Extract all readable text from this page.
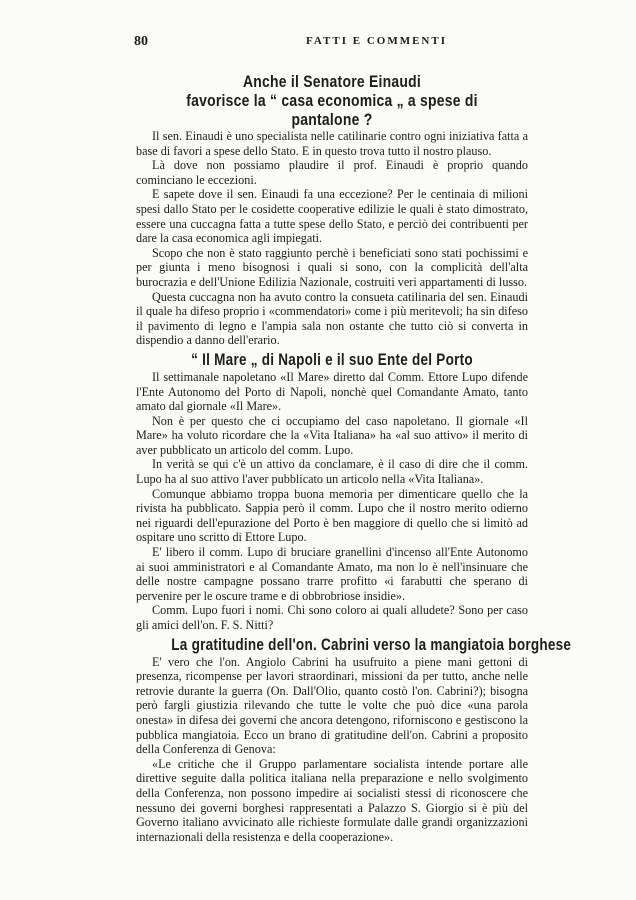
80	FATTI E COMMENTI
Anche il Senatore Einaudi
favorisce la “ casa economica „ a spese di pantalone ?

Il sen. Einaudi è uno specialista nelle catilinarie contro ogni iniziativa fatta a base di favori a spese dello Stato. E in questo trova tutto il nostro plauso.

Là dove non possiamo plaudire il prof. Einaudi è proprio quando cominciano le eccezioni.

E sapete dove il sen. Einaudi fa una eccezione? Per le centinaia di milioni spesi dallo Stato per le cosidette cooperative edilizie le quali è stato dimostrato, essere una cuccagna fatta a tutte spese dello Stato, e perciò dei contribuenti per dare la casa economica agli impiegati.

Scopo che non è stato raggiunto perchè i beneficiati sono stati pochissimi e per giunta i meno bisognosi i quali si sono, con la complicità dell'alta burocrazia e dell'Unione Edilizia Nazionale, costruiti veri appartamenti di lusso.

Questa cuccagna non ha avuto contro la consueta catilinaria del sen. Einaudi il quale ha difeso proprio i «commendatori» come i più meritevoli; ha sin difeso il pavimento di legno e l'ampia sala non ostante che tutto ciò si converta in dispendio a danno dell'erario.

“ Il Mare „ di Napoli e il suo Ente del Porto

Il settimanale napoletano «Il Mare» diretto dal Comm. Ettore Lupo difende l'Ente Autonomo del Porto di Napoli, nonchè quel Comandante Amato, tanto amato dal giornale «Il Mare».

Non è per questo che ci occupiamo del caso napoletano. Il giornale «Il Mare» ha voluto ricordare che la «Vita Italiana» ha «al suo attivo» il merito di aver pubblicato un articolo del comm. Lupo.

In verità se qui c'è un attivo da conclamare, è il caso di dire che il comm. Lupo ha al suo attivo l'aver pubblicato un articolo nella «Vita Italiana».

Comunque abbiamo troppa buona memoria per dimenticare quello che la rivista ha pubblicato. Sappia però il comm. Lupo che il nostro merito odierno nei riguardi dell'epurazione del Porto è ben maggiore di quello che si limitò ad ospitare uno scritto di Ettore Lupo.

E' libero il comm. Lupo di bruciare granellini d'incenso all'Ente Autonomo ai suoi amministratori e al Comandante Amato, ma non lo è nell'insinuare che delle nostre campagne possano trarre profitto «i farabutti che sperano di pervenire per le oscure trame e di obbrobriose insidie».

Comm. Lupo fuori i nomi. Chi sono coloro ai quali alludete? Sono per caso gli amici dell'on. F. S. Nitti?

La gratitudine dell'on. Cabrini verso la mangiatoia borghese

E' vero che l'on. Angiolo Cabrini ha usufruito a piene mani gettoni di presenza, ricompense per lavori straordinari, missioni da per tutto, anche nelle retrovie durante la guerra (On. Dall'Olio, quanto costò l'on. Cabrini?); bisogna però fargli giustizia rilevando che tutte le volte che può dice «una parola onesta» in difesa dei governi che ancora detengono, riforniscono e gestiscono la pubblica mangiatoia. Ecco un brano di gratitudine dell'on. Cabrini a proposito della Conferenza di Genova:

«Le critiche che il Gruppo parlamentare socialista intende portare alle direttive seguite dalla politica italiana nella preparazione e nello svolgimento della Conferenza, non possono impedire ai socialisti stessi di riconoscere che nessuno dei governi borghesi rappresentati a Palazzo S. Giorgio si è più del Governo italiano avvicinato alle richieste formulate dalle grandi organizzazioni internazionali della resistenza e della cooperazione».
